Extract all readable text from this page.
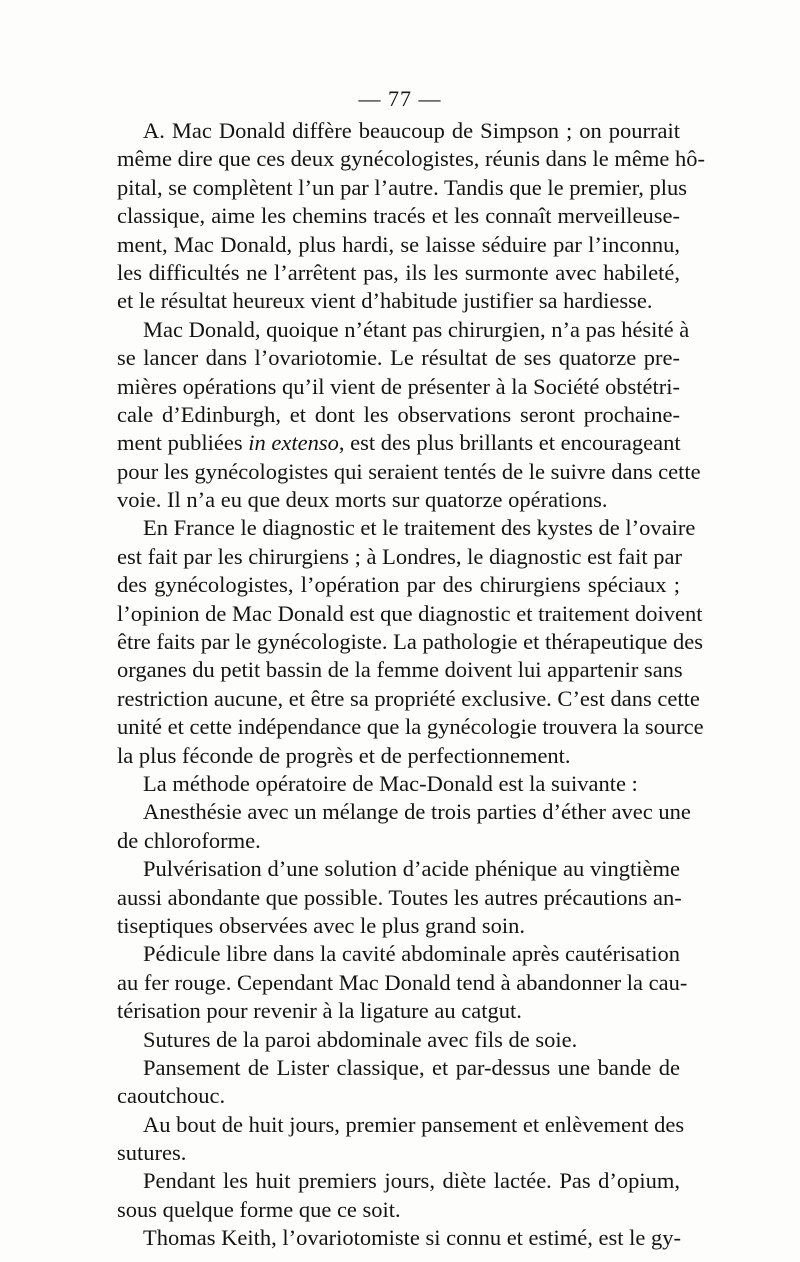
— 77 —
A. Mac Donald diffère beaucoup de Simpson ; on pourrait
même dire que ces deux gynécologistes, réunis dans le même hô-
pital, se complètent l’un par l’autre. Tandis que le premier, plus
classique, aime les chemins tracés et les connaît merveilleuse-
ment, Mac Donald, plus hardi, se laisse séduire par l’inconnu,
les difficultés ne l’arrêtent pas, ils les surmonte avec habileté,
et le résultat heureux vient d’habitude justifier sa hardiesse.
Mac Donald, quoique n’étant pas chirurgien, n’a pas hésité à
se lancer dans l’ovariotomie. Le résultat de ses quatorze pre-
mières opérations qu’il vient de présenter à la Société obstétri-
cale d’Edinburgh, et dont les observations seront prochaine-
ment publiées in extenso, est des plus brillants et encourageant
pour les gynécologistes qui seraient tentés de le suivre dans cette
voie. Il n’a eu que deux morts sur quatorze opérations.
En France le diagnostic et le traitement des kystes de l’ovaire
est fait par les chirurgiens ; à Londres, le diagnostic est fait par
des gynécologistes, l’opération par des chirurgiens spéciaux ;
l’opinion de Mac Donald est que diagnostic et traitement doivent
être faits par le gynécologiste. La pathologie et thérapeutique des
organes du petit bassin de la femme doivent lui appartenir sans
restriction aucune, et être sa propriété exclusive. C’est dans cette
unité et cette indépendance que la gynécologie trouvera la source
la plus féconde de progrès et de perfectionnement.
La méthode opératoire de Mac-Donald est la suivante :
Anesthésie avec un mélange de trois parties d’éther avec une
de chloroforme.
Pulvérisation d’une solution d’acide phénique au vingtième
aussi abondante que possible. Toutes les autres précautions an-
tiseptiques observées avec le plus grand soin.
Pédicule libre dans la cavité abdominale après cautérisation
au fer rouge. Cependant Mac Donald tend à abandonner la cau-
térisation pour revenir à la ligature au catgut.
Sutures de la paroi abdominale avec fils de soie.
Pansement de Lister classique, et par-dessus une bande de
caoutchouc.
Au bout de huit jours, premier pansement et enlèvement des
sutures.
Pendant les huit premiers jours, diète lactée. Pas d’opium,
sous quelque forme que ce soit.
Thomas Keith, l’ovariotomiste si connu et estimé, est le gy-
